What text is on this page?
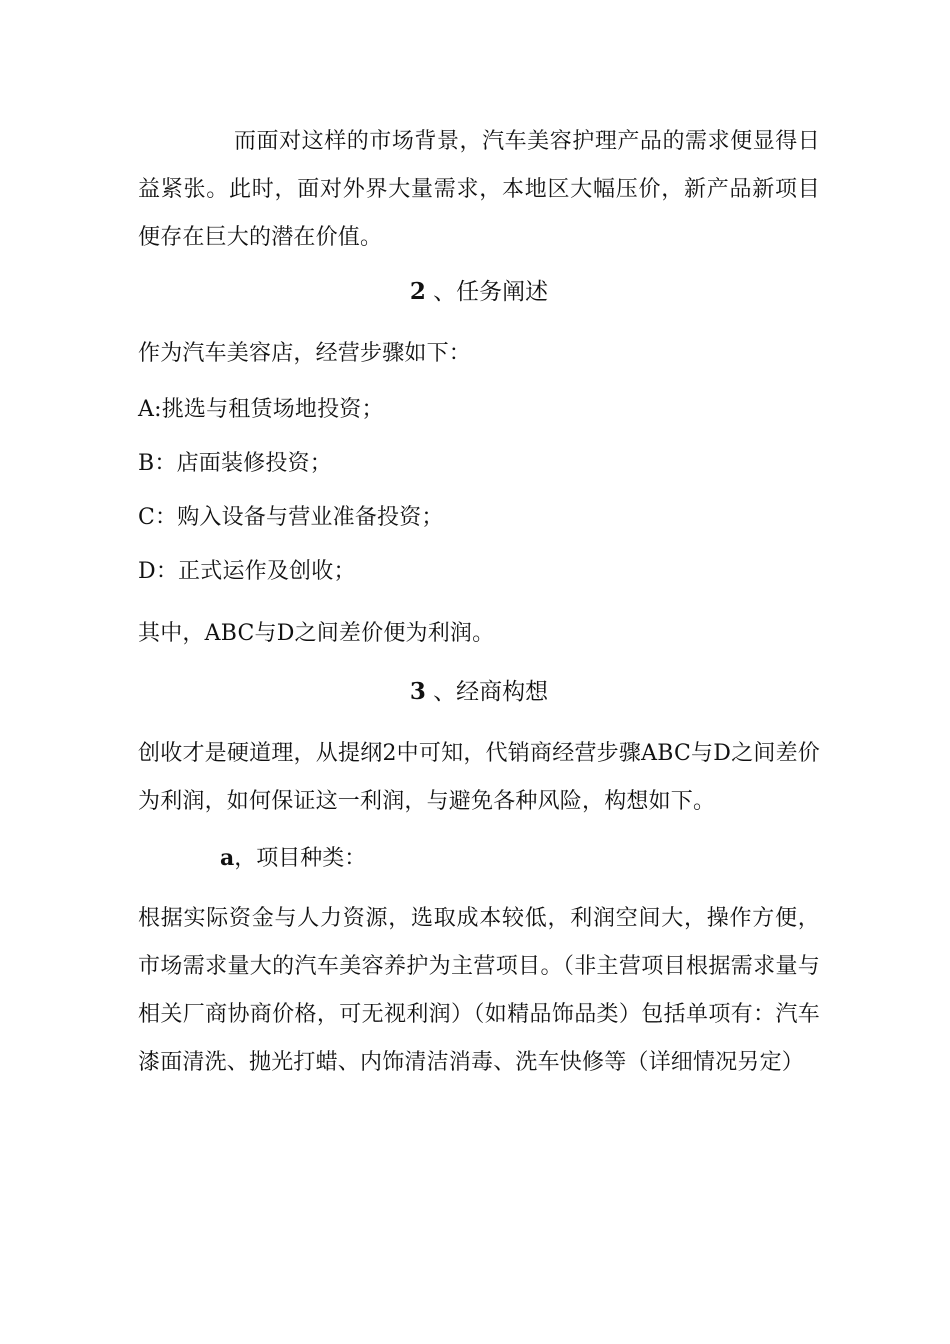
而面对这样的市场背景，汽车美容护理产品的需求便显得日益紧张。此时，面对外界大量需求，本地区大幅压价，新产品新项目便存在巨大的潜在价值。

2 、任务阐述

作为汽车美容店，经营步骤如下：

A:挑选与租赁场地投资；

B：店面装修投资；

C：购入设备与营业准备投资；

D：正式运作及创收；

其中，ABC与D之间差价便为利润。

3 、经商构想

创收才是硬道理，从提纲2中可知，代销商经营步骤ABC与D之间差价为利润，如何保证这一利润，与避免各种风险，构想如下。

a，项目种类：

根据实际资金与人力资源，选取成本较低，利润空间大，操作方便，市场需求量大的汽车美容养护为主营项目。（非主营项目根据需求量与相关厂商协商价格，可无视利润）（如精品饰品类）包括单项有：汽车漆面清洗、抛光打蜡、内饰清洁消毒、洗车快修等（详细情况另定）
